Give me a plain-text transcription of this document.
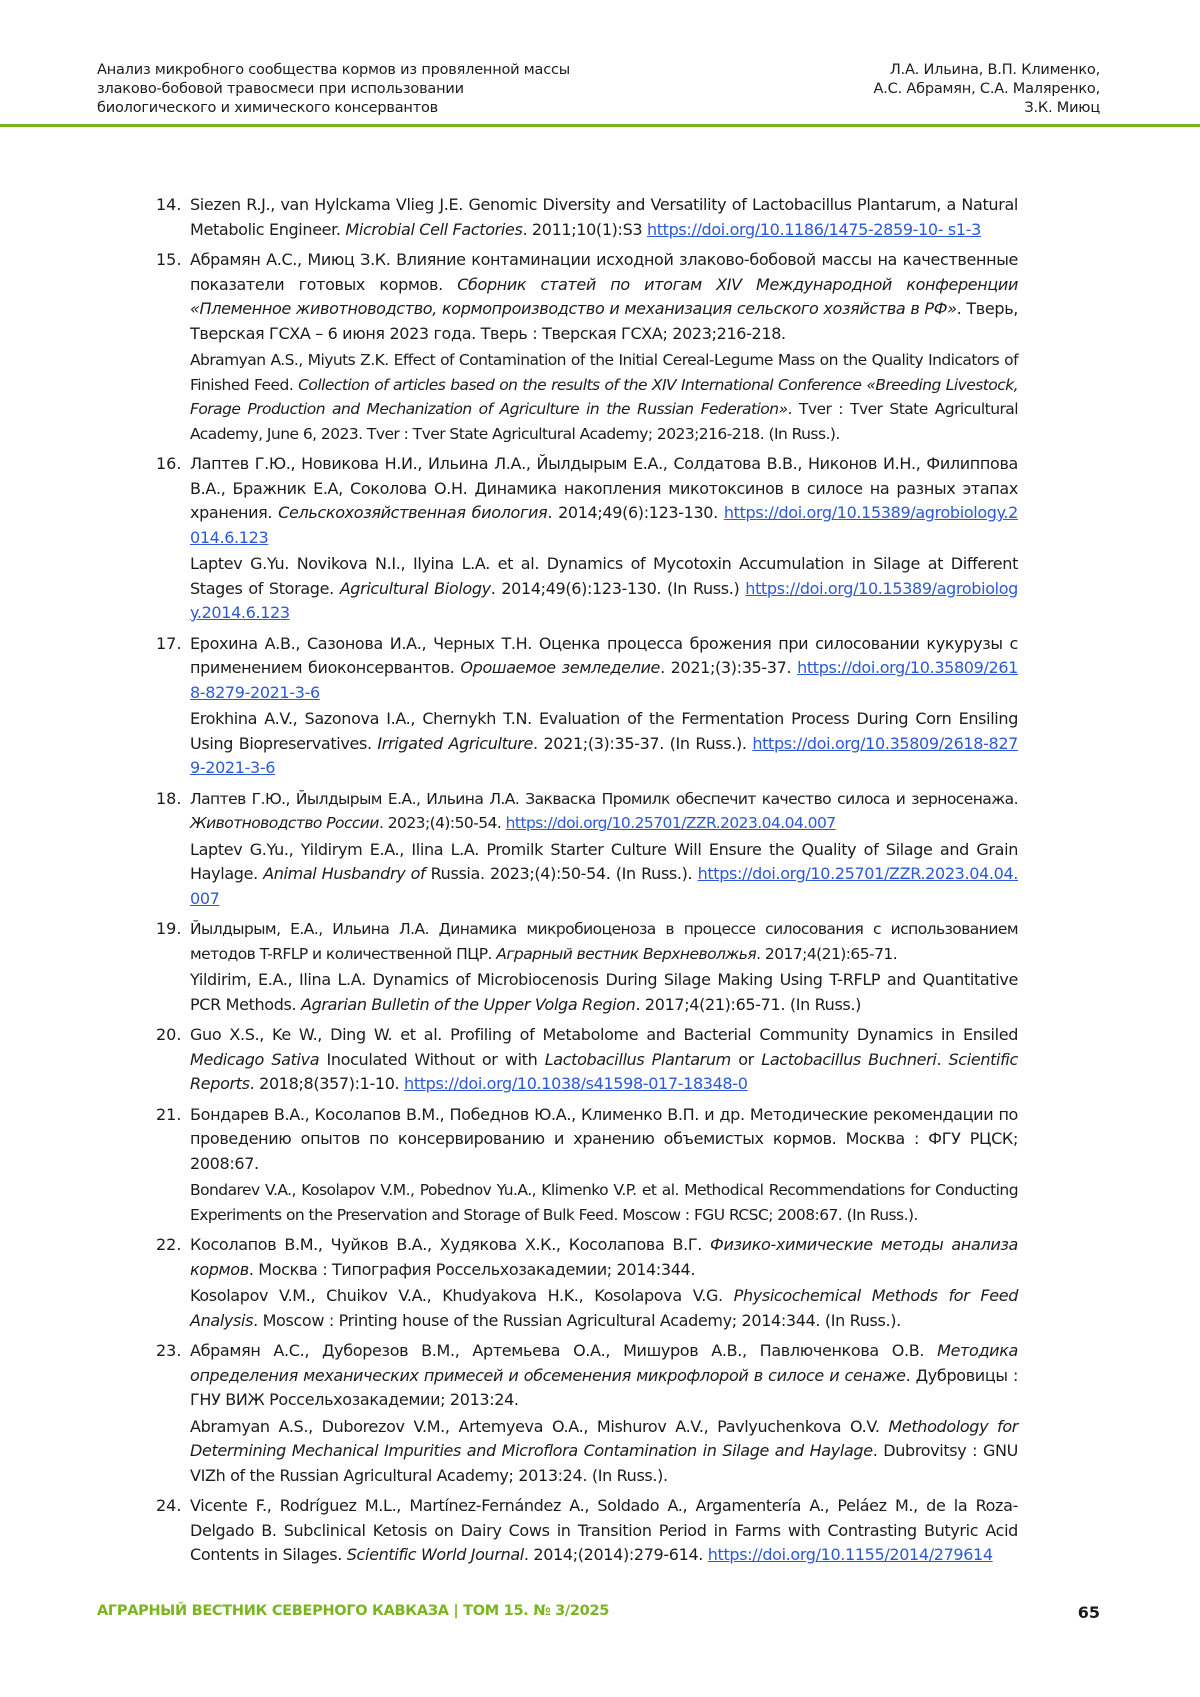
Анализ микробного сообщества кормов из провяленной массы
злаково-бобовой травосмеси при использовании
биологического и химического консервантов
Л.А. Ильина, В.П. Клименко,
А.С. Абрамян, С.А. Маляренко,
З.К. Миюц
14. Siezen R.J., van Hylckama Vlieg J.E. Genomic Diversity and Versatility of Lactobacillus Plantarum, a Natural Metabolic Engineer. Microbial Cell Factories. 2011;10(1):S3 https://doi.org/10.1186/1475-2859-10- s1-3

15. Абрамян А.С., Миюц З.К. Влияние контаминации исходной злаково-бобовой массы на качественные показатели готовых кормов. Сборник статей по итогам XIV Международной конференции «Племенное животноводство, кормопроизводство и механизация сельского хозяйства в РФ». Тверь, Тверская ГСХА – 6 июня 2023 года. Тверь : Тверская ГСХА; 2023;216-218.

Abramyan A.S., Miyuts Z.K. Effect of Contamination of the Initial Cereal-Legume Mass on the Quality Indicators of Finished Feed. Collection of articles based on the results of the XIV International Conference «Breeding Livestock, Forage Production and Mechanization of Agriculture in the Russian Federation». Tver : Tver State Agricultural Academy, June 6, 2023. Tver : Tver State Agricultural Academy; 2023;216-218. (In Russ.).

16. Лаптев Г.Ю., Новикова Н.И., Ильина Л.А., Йылдырым Е.А., Солдатова В.В., Никонов И.Н., Филиппова В.А., Бражник Е.А, Соколова О.Н. Динамика накопления микотоксинов в силосе на разных этапах хранения. Сельскохозяйственная биология. 2014;49(6):123-130. https://doi.org/10.15389/agrobiology.2014.6.123

Laptev G.Yu. Novikova N.I., Ilyina L.A. et al. Dynamics of Mycotoxin Accumulation in Silage at Different Stages of Storage. Agricultural Biology. 2014;49(6):123-130. (In Russ.) https://doi.org/10.15389/agrobiology.2014.6.123

17. Ерохина А.В., Сазонова И.А., Черных Т.Н. Оценка процесса брожения при силосовании кукурузы с применением биоконсервантов. Орошаемое земледелие. 2021;(3):35-37. https://doi.org/10.35809/2618-8279-2021-3-6

Erokhina A.V., Sazonova I.A., Chernykh T.N. Evaluation of the Fermentation Process During Corn Ensiling Using Biopreservatives. Irrigated Agriculture. 2021;(3):35-37. (In Russ.). https://doi.org/10.35809/2618-8279-2021-3-6

18. Лаптев Г.Ю., Йылдырым Е.А., Ильина Л.А. Закваска Промилк обеспечит качество силоса и зерносенажа. Животноводство России. 2023;(4):50-54. https://doi.org/10.25701/ZZR.2023.04.04.007

Laptev G.Yu., Yildirym E.A., Ilina L.A. Promilk Starter Culture Will Ensure the Quality of Silage and Grain Haylage. Animal Husbandry of Russia. 2023;(4):50-54. (In Russ.). https://doi.org/10.25701/ZZR.2023.04.04.007

19. Йылдырым, Е.А., Ильина Л.А. Динамика микробиоценоза в процессе силосования с использованием методов T-RFLP и количественной ПЦР. Аграрный вестник Верхневолжья. 2017;4(21):65-71.

Yildirim, E.A., Ilina L.A. Dynamics of Microbiocenosis During Silage Making Using T-RFLP and Quantitative PCR Methods. Agrarian Bulletin of the Upper Volga Region. 2017;4(21):65-71. (In Russ.)

20. Guo X.S., Ke W., Ding W. et al. Profiling of Metabolome and Bacterial Community Dynamics in Ensiled Medicago Sativa Inoculated Without or with Lactobacillus Plantarum or Lactobacillus Buchneri. Scientific Reports. 2018;8(357):1-10. https://doi.org/10.1038/s41598-017-18348-0

21. Бондарев В.А., Косолапов В.М., Победнов Ю.А., Клименко В.П. и др. Методические рекомендации по проведению опытов по консервированию и хранению объемистых кормов. Москва : ФГУ РЦСК; 2008:67.

Bondarev V.A., Kosolapov V.M., Pobednov Yu.A., Klimenko V.P. et al. Methodical Recommendations for Conducting Experiments on the Preservation and Storage of Bulk Feed. Moscow : FGU RCSC; 2008:67. (In Russ.).

22. Косолапов В.М., Чуйков В.А., Худякова Х.К., Косолапова В.Г. Физико-химические методы анализа кормов. Москва : Типография Россельхозакадемии; 2014:344.

Kosolapov V.M., Chuikov V.A., Khudyakova H.K., Kosolapova V.G. Physicochemical Methods for Feed Analysis. Moscow : Printing house of the Russian Agricultural Academy; 2014:344. (In Russ.).

23. Абрамян А.С., Дуборезов В.М., Артемьева О.А., Мишуров А.В., Павлюченкова О.В. Методика определения механических примесей и обсеменения микрофлорой в силосе и сенаже. Дубровицы : ГНУ ВИЖ Россельхозакадемии; 2013:24.

Abramyan A.S., Duborezov V.M., Artemyeva O.A., Mishurov A.V., Pavlyuchenkova O.V. Methodology for Determining Mechanical Impurities and Microflora Contamination in Silage and Haylage. Dubrovitsy : GNU VIZh of the Russian Agricultural Academy; 2013:24. (In Russ.).

24. Vicente F., Rodríguez M.L., Martínez-Fernández A., Soldado A., Argamentería A., Peláez M., de la Roza-Delgado B. Subclinical Ketosis on Dairy Cows in Transition Period in Farms with Contrasting Butyric Acid Contents in Silages. Scientific World Journal. 2014;(2014):279-614. https://doi.org/10.1155/2014/279614

АГРАРНЫЙ ВЕСТНИК СЕВЕРНОГО КАВКАЗА | ТОМ 15. № 3/2025	65
